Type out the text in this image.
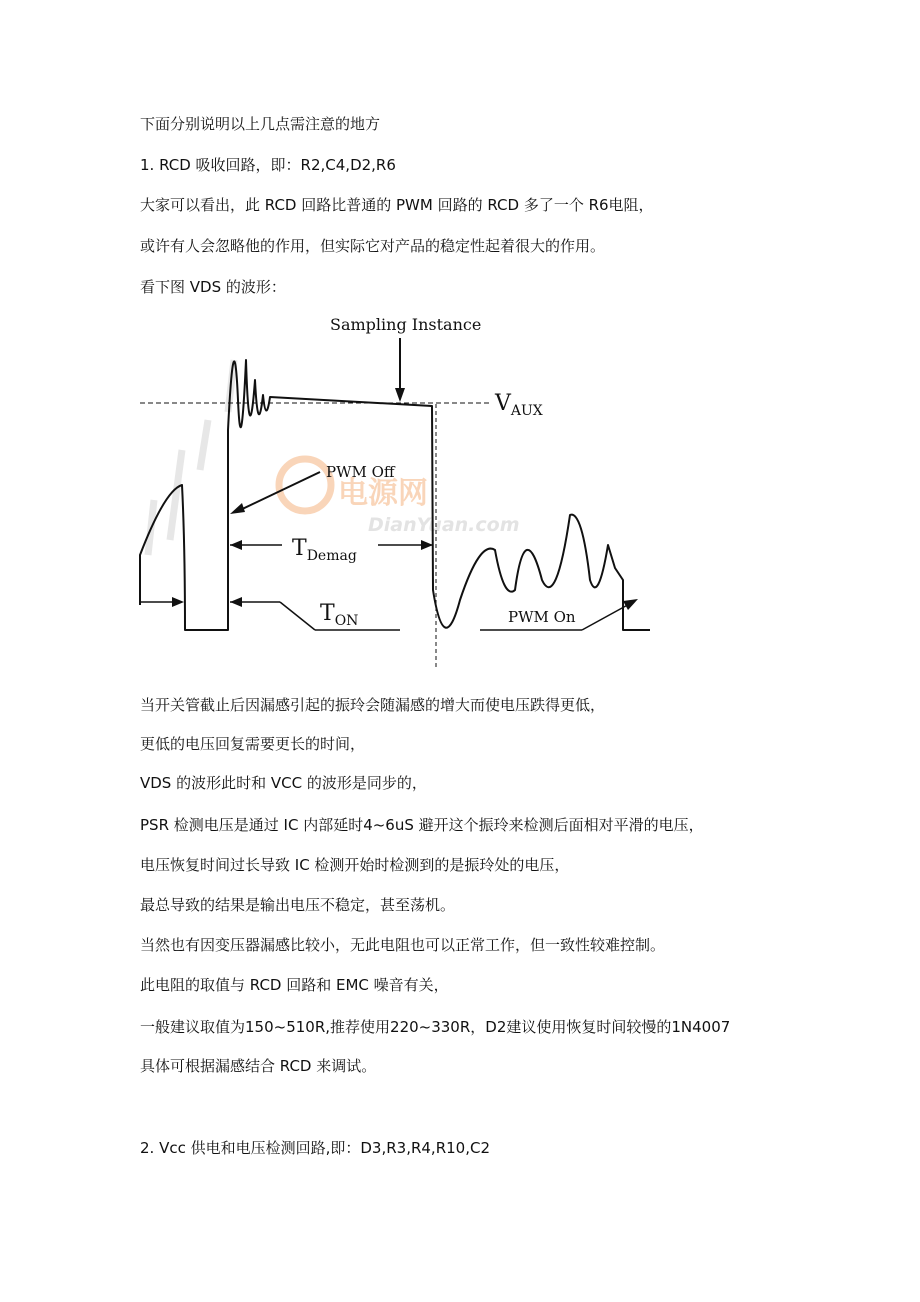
下面分别说明以上几点需注意的地方
1. RCD 吸收回路，即：R2,C4,D2,R6
大家可以看出，此 RCD 回路比普通的 PWM 回路的 RCD 多了一个 R6电阻，
或许有人会忽略他的作用，但实际它对产品的稳定性起着很大的作用。
看下图 VDS 的波形：
电源网
DianYuan.com
Sampling Instance
$V_{AUX}$
PWM Off
$T_{Demag}$
$T_{ON}$	PWM On
当开关管截止后因漏感引起的振玲会随漏感的增大而使电压跌得更低，
更低的电压回复需要更长的时间，
VDS 的波形此时和 VCC 的波形是同步的，
PSR 检测电压是通过 IC 内部延时4~6uS 避开这个振玲来检测后面相对平滑的电压，
电压恢复时间过长导致 IC 检测开始时检测到的是振玲处的电压，
最总导致的结果是输出电压不稳定，甚至荡机。
当然也有因变压器漏感比较小，无此电阻也可以正常工作，但一致性较难控制。
此电阻的取值与 RCD 回路和 EMC 噪音有关，
一般建议取值为150~510R,推荐使用220~330R，D2建议使用恢复时间较慢的1N4007
具体可根据漏感结合 RCD 来调试。
2. Vcc 供电和电压检测回路,即：D3,R3,R4,R10,C2
